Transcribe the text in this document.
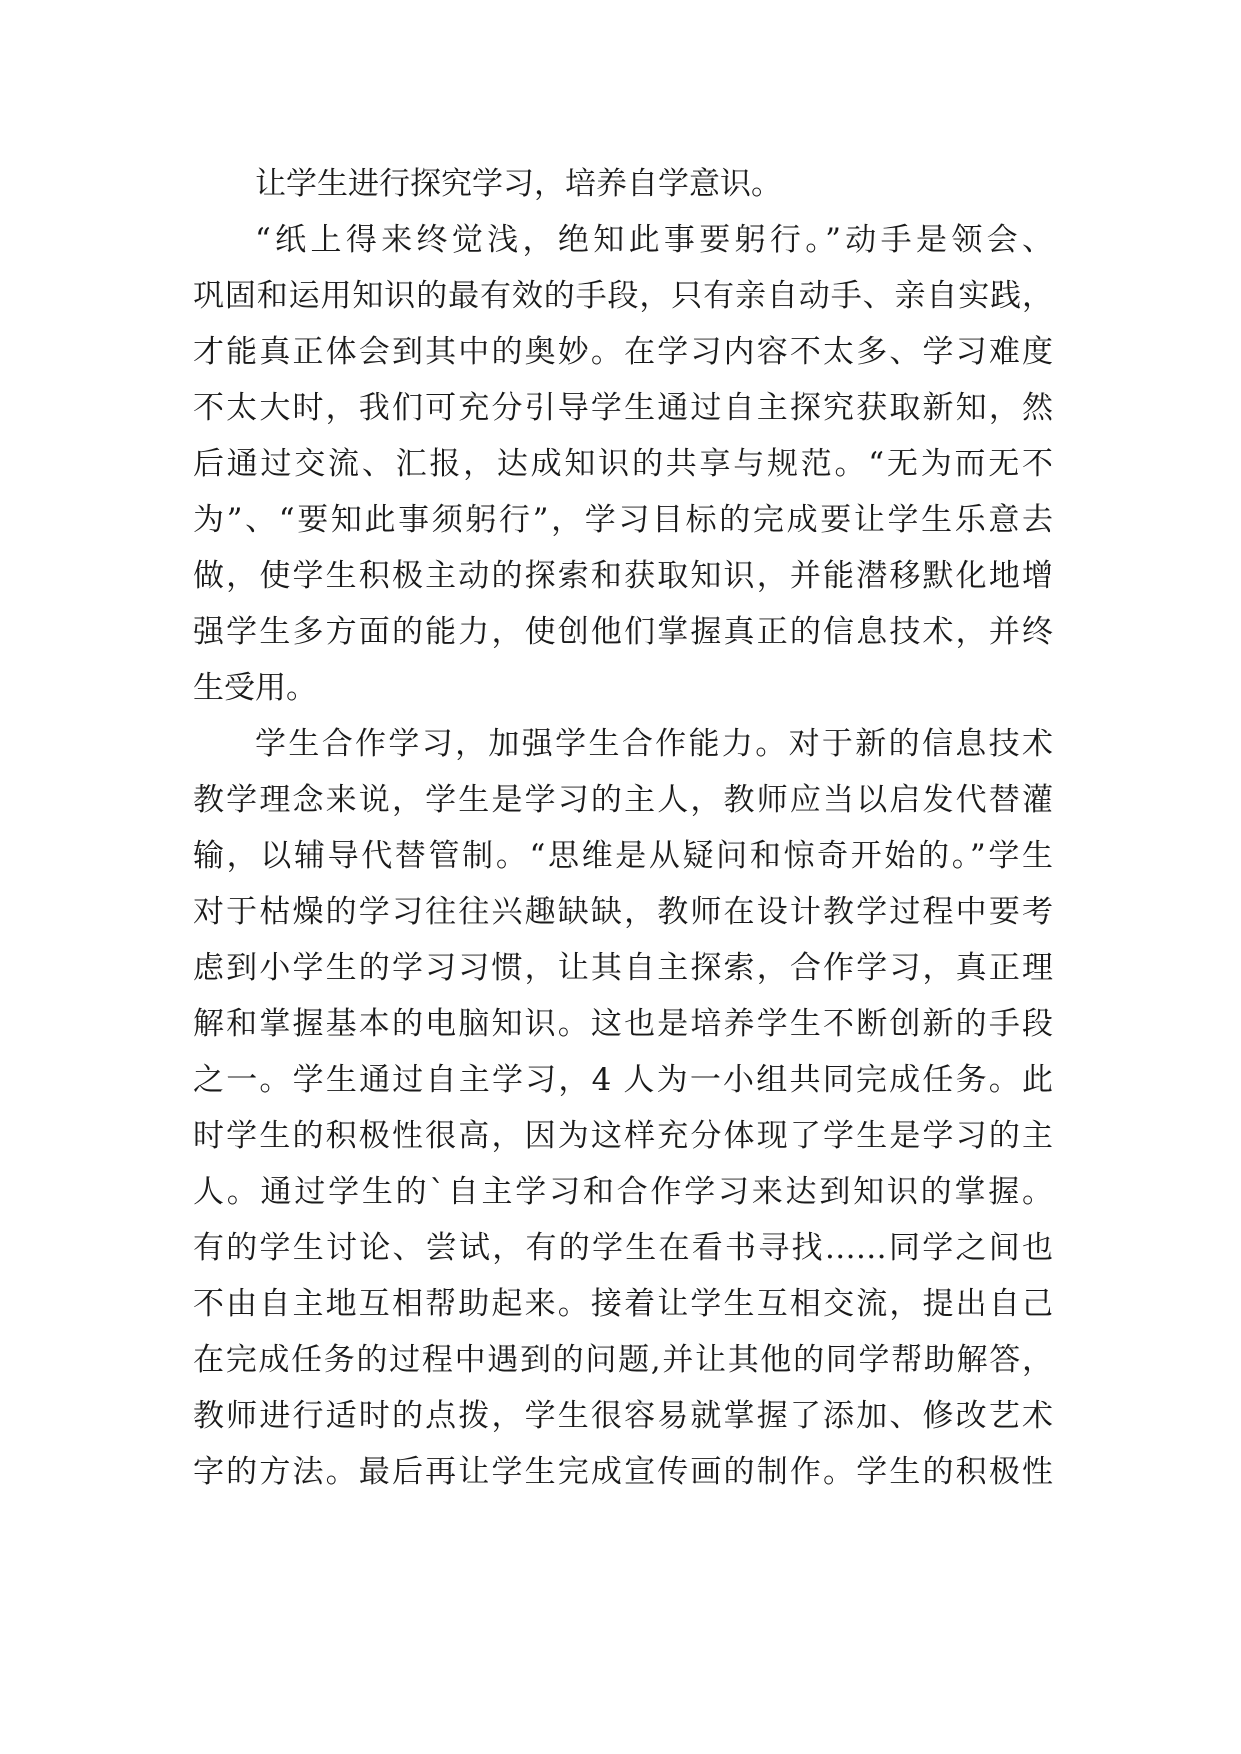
让学生进行探究学习，培养自学意识。
“纸上得来终觉浅，绝知此事要躬行。”动手是领会、
巩固和运用知识的最有效的手段，只有亲自动手、亲自实践，
才能真正体会到其中的奥妙。在学习内容不太多、学习难度
不太大时，我们可充分引导学生通过自主探究获取新知，然
后通过交流、汇报，达成知识的共享与规范。“无为而无不
为”、“要知此事须躬行”，学习目标的完成要让学生乐意去
做，使学生积极主动的探索和获取知识，并能潜移默化地增
强学生多方面的能力，使创他们掌握真正的信息技术，并终
生受用。
学生合作学习，加强学生合作能力。对于新的信息技术
教学理念来说，学生是学习的主人，教师应当以启发代替灌
输，以辅导代替管制。“思维是从疑问和惊奇开始的。”学生
对于枯燥的学习往往兴趣缺缺，教师在设计教学过程中要考
虑到小学生的学习习惯，让其自主探索，合作学习，真正理
解和掌握基本的电脑知识。这也是培养学生不断创新的手段
之一。学生通过自主学习，4 人为一小组共同完成任务。此
时学生的积极性很高，因为这样充分体现了学生是学习的主
人。通过学生的`自主学习和合作学习来达到知识的掌握。
有的学生讨论、尝试，有的学生在看书寻找……同学之间也
不由自主地互相帮助起来。接着让学生互相交流，提出自己
在完成任务的过程中遇到的问题,并让其他的同学帮助解答，
教师进行适时的点拨，学生很容易就掌握了添加、修改艺术
字的方法。最后再让学生完成宣传画的制作。学生的积极性
